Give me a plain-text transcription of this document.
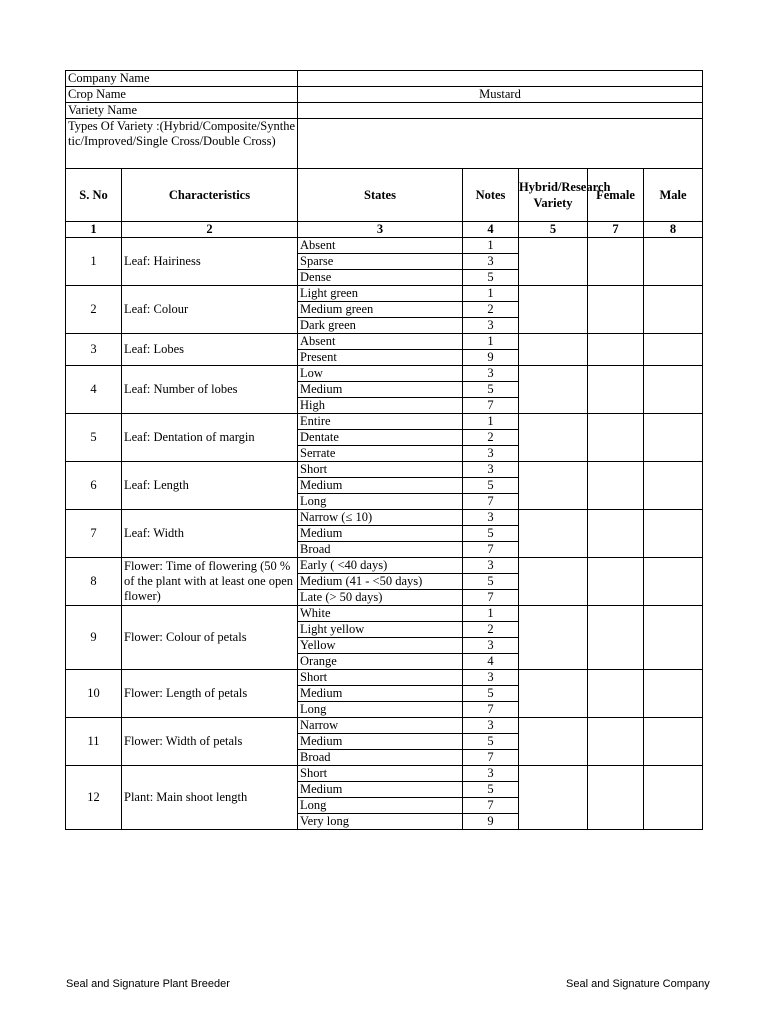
Company Name						
Crop Name		Mustard				
Variety Name						
Types Of Variety :(Hybrid/Composite/Synthetic/Improved/Single Cross/Double Cross)						
S. No	Characteristics	States	Notes	Hybrid/Research Variety	Female	Male
1	2	3	4	5	7	8
1	Leaf: Hairiness	Absent	1			
		Sparse	3			
		Dense	5			
2	Leaf: Colour	Light green	1			
		Medium green	2			
		Dark green	3			
3	Leaf: Lobes	Absent	1			
		Present	9			
4	Leaf: Number of lobes	Low	3			
		Medium	5			
		High	7			
5	Leaf: Dentation of margin	Entire	1			
		Dentate	2			
		Serrate	3			
6	Leaf: Length	Short	3			
		Medium	5			
		Long	7			
7	Leaf: Width	Narrow (≤ 10)	3			
		Medium	5			
		Broad	7			
8	Flower: Time of flowering (50 % of the plant with at least one open flower)	Early ( <40 days)	3			
		Medium (41 - <50 days)	5			
		Late (> 50 days)	7			
9	Flower: Colour of petals	White	1			
		Light yellow	2			
		Yellow	3			
		Orange	4			
10	Flower: Length of petals	Short	3			
		Medium	5			
		Long	7			
11	Flower: Width of petals	Narrow	3			
		Medium	5			
		Broad	7			
12	Plant: Main shoot length	Short	3			
		Medium	5			
		Long	7			
		Very long	9			
Seal and Signature Plant Breeder	Seal and Signature Company
